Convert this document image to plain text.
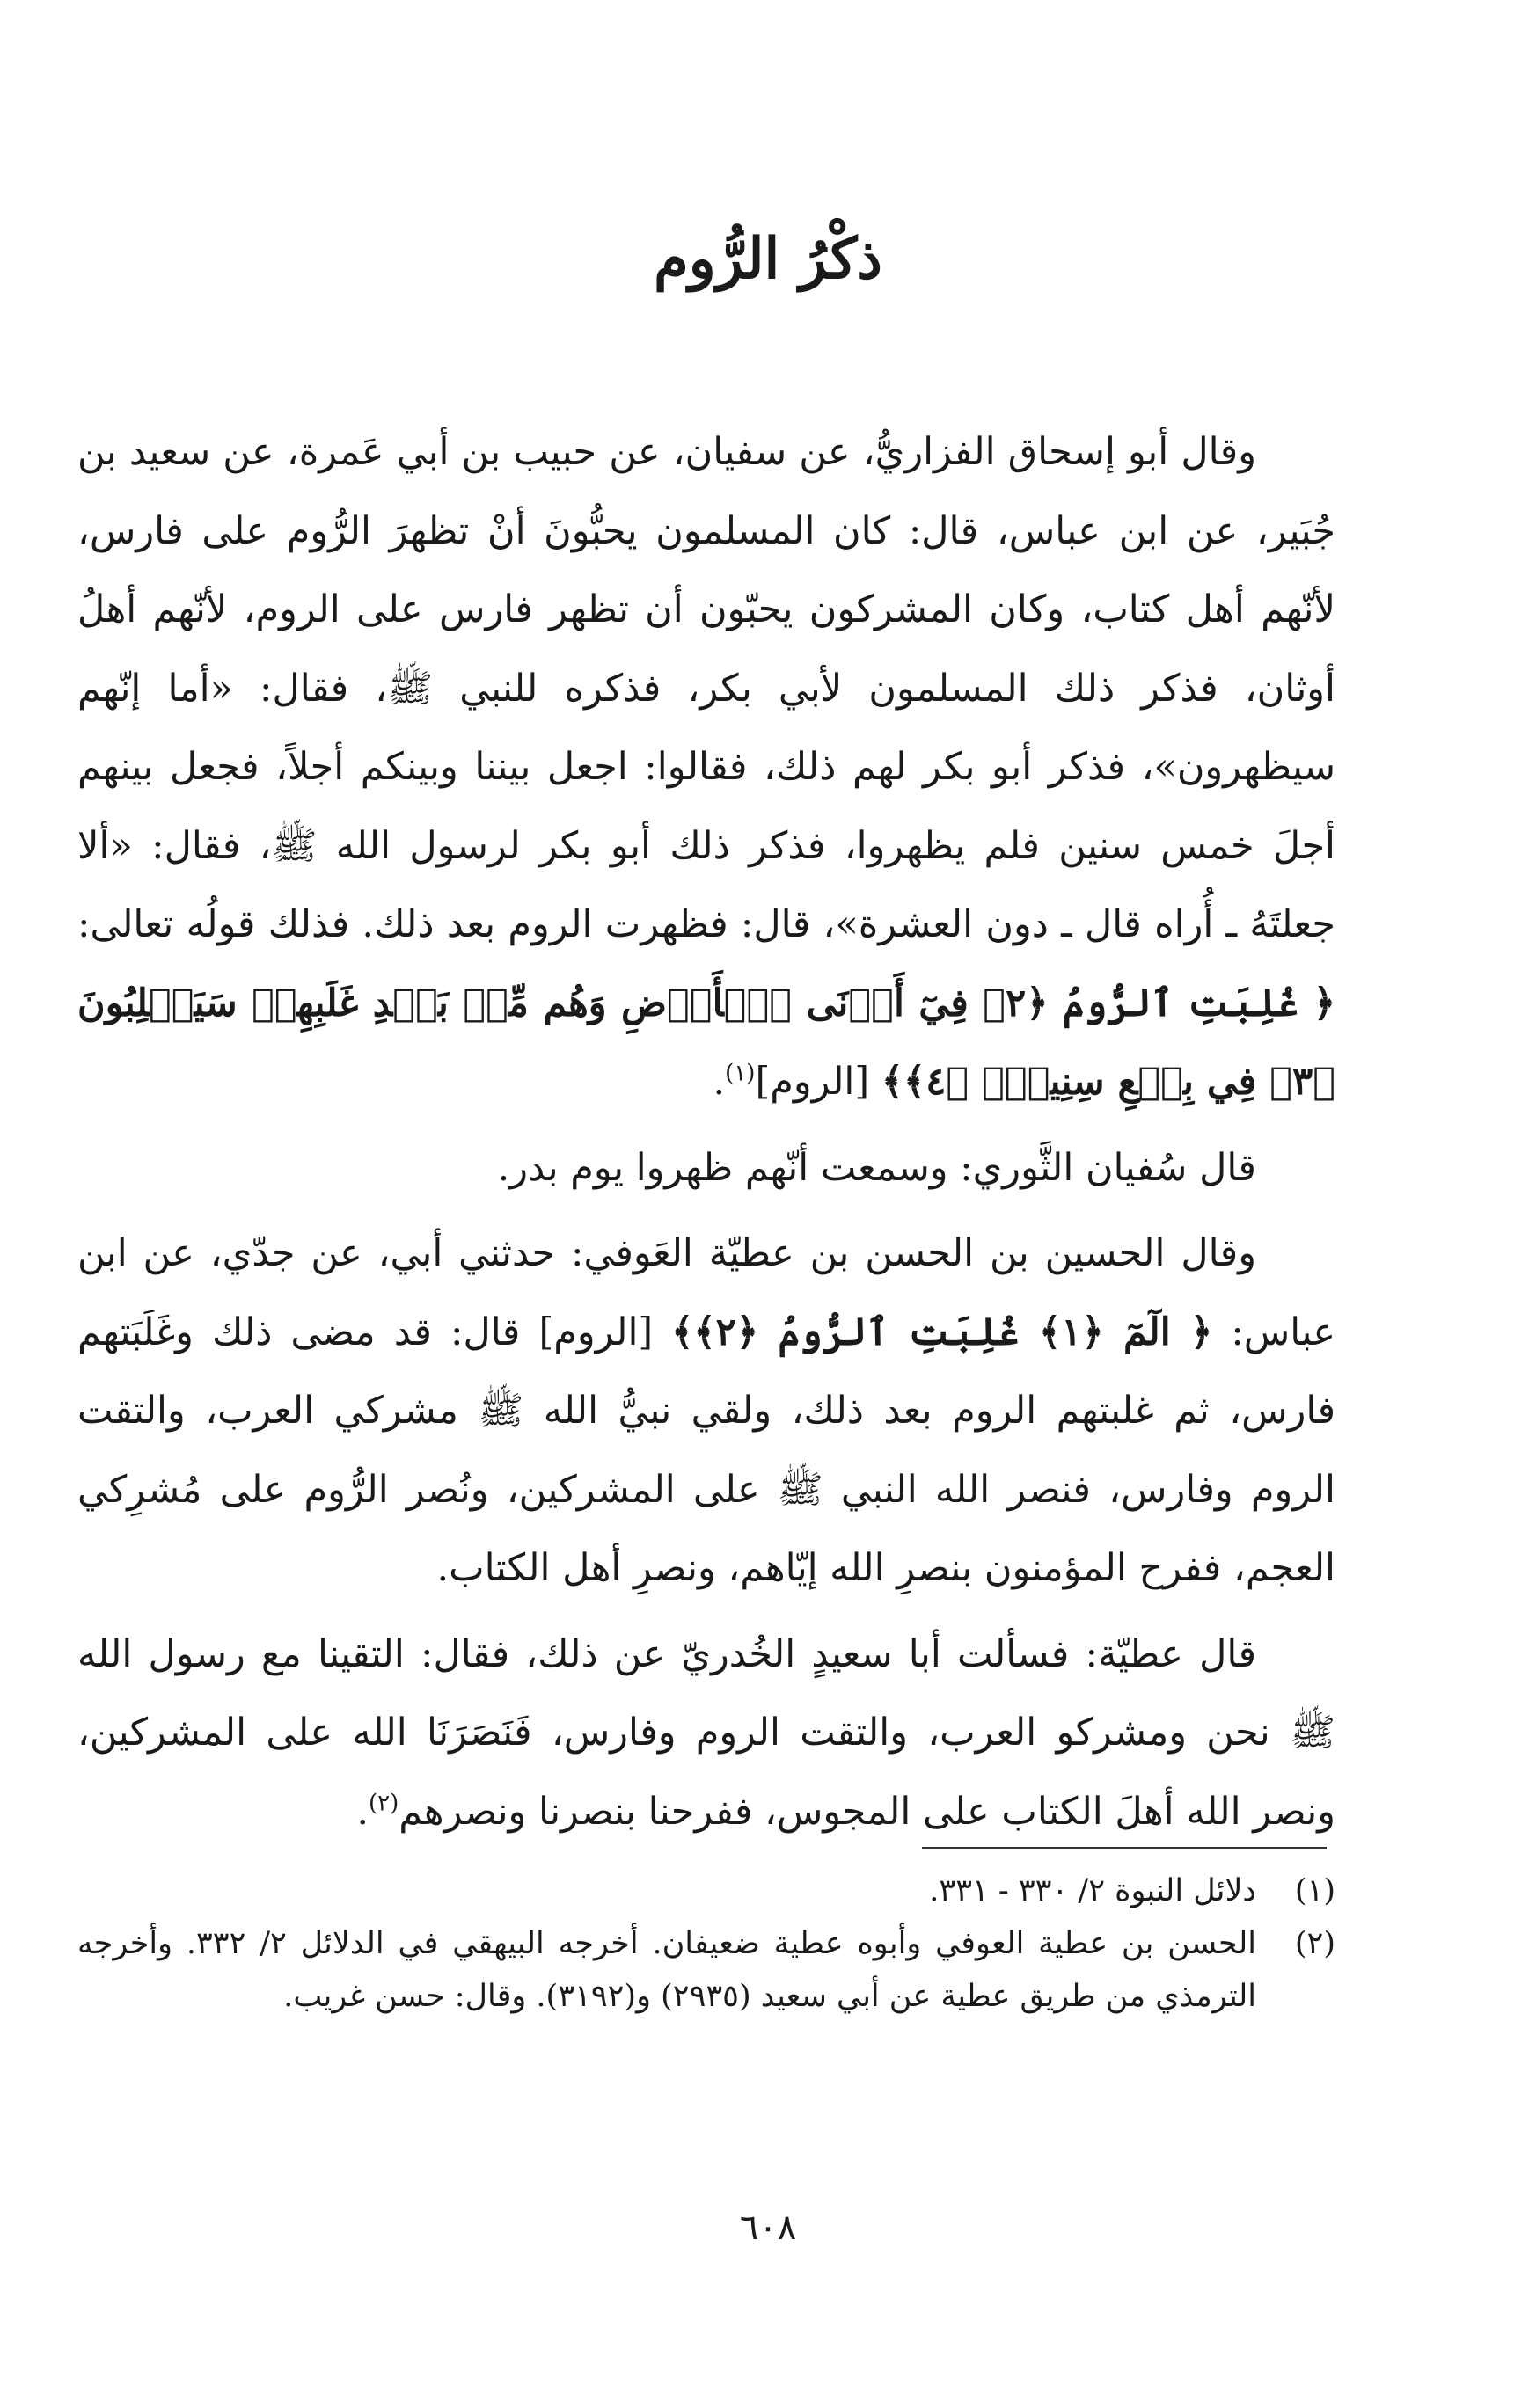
ذكْرُ الرُّوم

وقال أبو إسحاق الفزاريُّ، عن سفيان، عن حبيب بن أبي عَمرة، عن سعيد بن جُبَير، عن ابن عباس، قال: كان المسلمون يحبُّونَ أنْ تظهرَ الرُّوم على فارس، لأنّهم أهل كتاب، وكان المشركون يحبّون أن تظهر فارس على الروم، لأنّهم أهلُ أوثان، فذكر ذلك المسلمون لأبي بكر، فذكره للنبي ﷺ، فقال: «أما إنّهم سيظهرون»، فذكر أبو بكر لهم ذلك، فقالوا: اجعل بيننا وبينكم أجلاً، فجعل بينهم أجلَ خمس سنين فلم يظهروا، فذكر ذلك أبو بكر لرسول الله ﷺ، فقال: «ألا جعلتَهُ ـ أُراه قال ـ دون العشرة»، قال: فظهرت الروم بعد ذلك. فذلك قولُه تعالى: ﴿ غُلِبَتِ ٱلرُّومُ ﴿٢﴾ فِيٓ أَدۡنَى ٱلۡأَرۡضِ وَهُم مِّنۢ بَعۡدِ غَلَبِهِمۡ سَيَغۡلِبُونَ ﴿٣﴾ فِي بِضۡعِ سِنِينَۗ ﴿٤﴾﴾ [الروم]$^{(١)}$.

قال سُفيان الثَّوري: وسمعت أنّهم ظهروا يوم بدر.

وقال الحسين بن الحسن بن عطيّة العَوفي: حدثني أبي، عن جدّي، عن ابن عباس: ﴿ الٓمٓ ﴿١﴾ غُلِبَتِ ٱلرُّومُ ﴿٢﴾﴾ [الروم] قال: قد مضى ذلك وغَلَبَتهم فارس، ثم غلبتهم الروم بعد ذلك، ولقي نبيُّ الله ﷺ مشركي العرب، والتقت الروم وفارس، فنصر الله النبي ﷺ على المشركين، ونُصر الرُّوم على مُشرِكي العجم، ففرح المؤمنون بنصرِ الله إيّاهم، ونصرِ أهل الكتاب.

قال عطيّة: فسألت أبا سعيدٍ الخُدريّ عن ذلك، فقال: التقينا مع رسول الله ﷺ نحن ومشركو العرب، والتقت الروم وفارس، فَنَصَرَنَا الله على المشركين، ونصر الله أهلَ الكتاب على المجوس، ففرحنا بنصرنا ونصرهم$^{(٢)}$.

(١)
دلائل النبوة ٢/ ٣٣٠ - ٣٣١.
(٢)
الحسن بن عطية العوفي وأبوه عطية ضعيفان. أخرجه البيهقي في الدلائل ٢/ ٣٣٢. وأخرجه الترمذي من طريق عطية عن أبي سعيد (٢٩٣٥) و(٣١٩٢). وقال: حسن غريب.
٦٠٨
